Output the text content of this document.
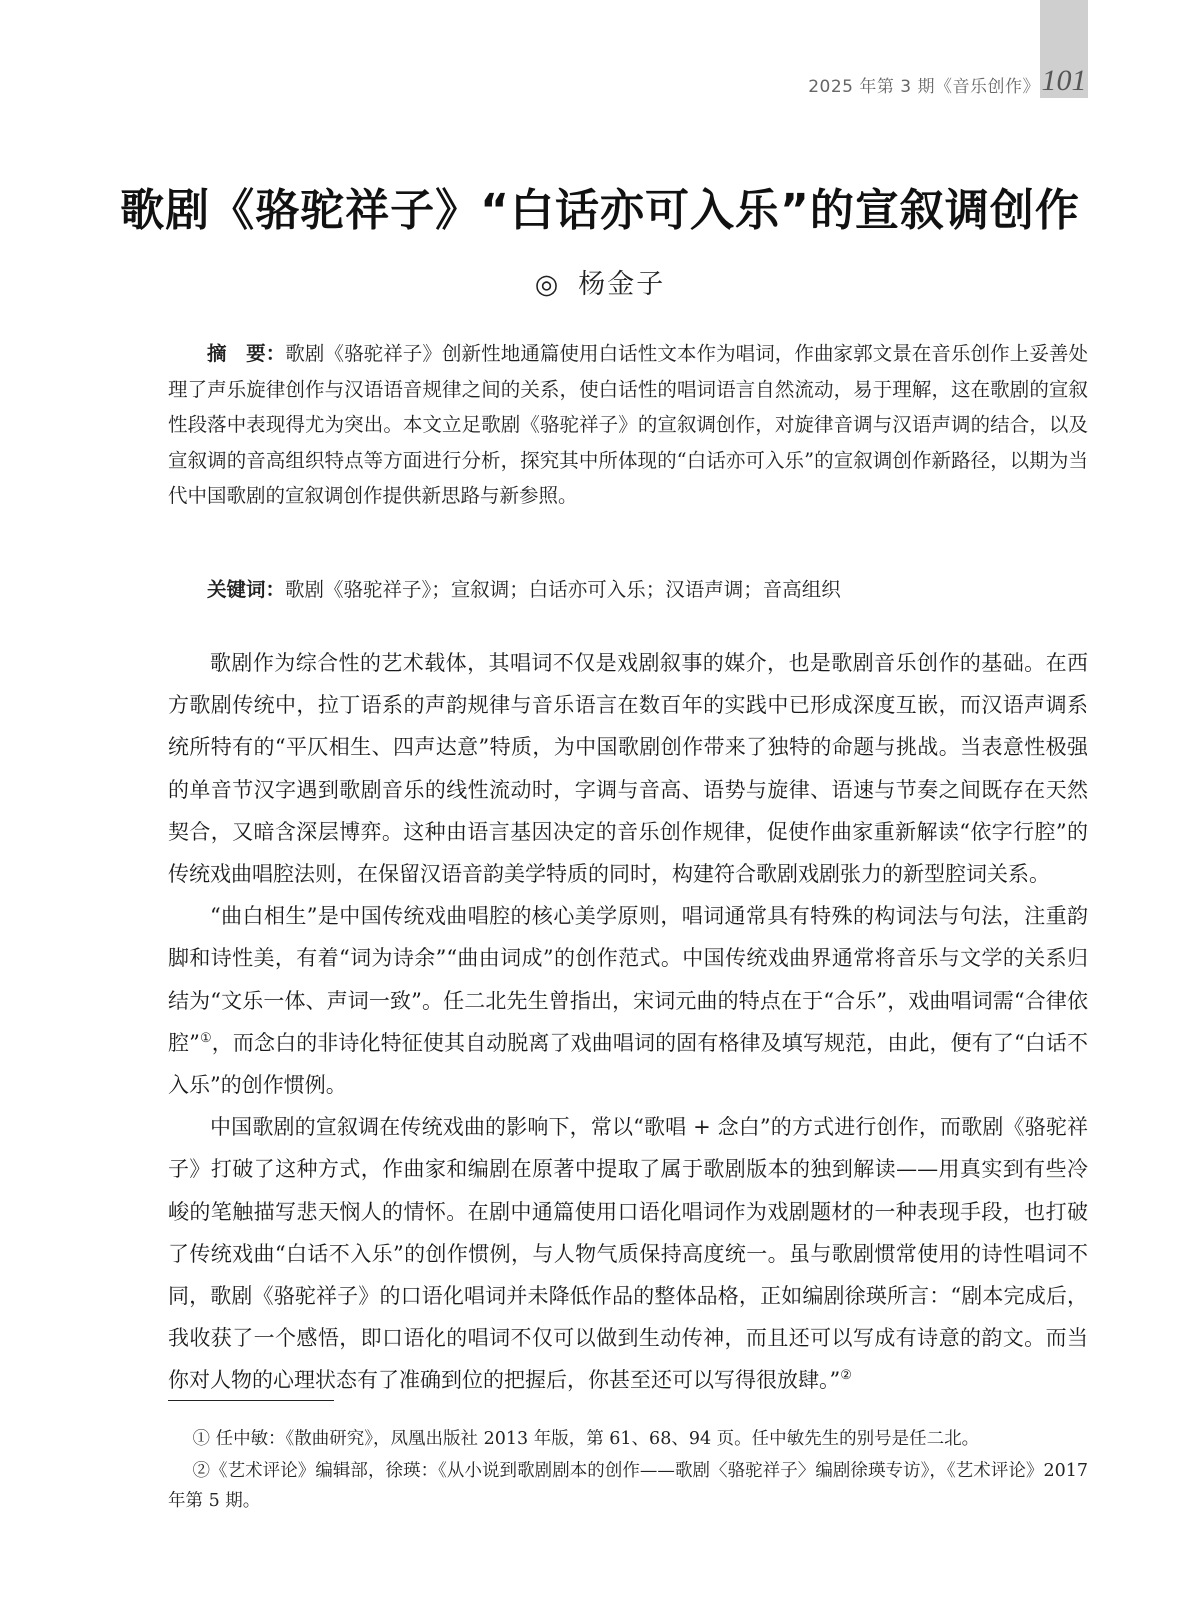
2025 年第 3 期《音乐创作》 101
歌剧《骆驼祥子》“白话亦可入乐”的宣叙调创作
◎ 杨金子
摘　要：歌剧《骆驼祥子》创新性地通篇使用白话性文本作为唱词，作曲家郭文景在音乐创作上妥善处理了声乐旋律创作与汉语语音规律之间的关系，使白话性的唱词语言自然流动，易于理解，这在歌剧的宣叙性段落中表现得尤为突出。本文立足歌剧《骆驼祥子》的宣叙调创作，对旋律音调与汉语声调的结合，以及宣叙调的音高组织特点等方面进行分析，探究其中所体现的“白话亦可入乐”的宣叙调创作新路径，以期为当代中国歌剧的宣叙调创作提供新思路与新参照。
关键词：歌剧《骆驼祥子》；宣叙调；白话亦可入乐；汉语声调；音高组织

歌剧作为综合性的艺术载体，其唱词不仅是戏剧叙事的媒介，也是歌剧音乐创作的基础。在西方歌剧传统中，拉丁语系的声韵规律与音乐语言在数百年的实践中已形成深度互嵌，而汉语声调系统所特有的“平仄相生、四声达意”特质，为中国歌剧创作带来了独特的命题与挑战。当表意性极强的单音节汉字遇到歌剧音乐的线性流动时，字调与音高、语势与旋律、语速与节奏之间既存在天然契合，又暗含深层博弈。这种由语言基因决定的音乐创作规律，促使作曲家重新解读“依字行腔”的传统戏曲唱腔法则，在保留汉语音韵美学特质的同时，构建符合歌剧戏剧张力的新型腔词关系。

“曲白相生”是中国传统戏曲唱腔的核心美学原则，唱词通常具有特殊的构词法与句法，注重韵脚和诗性美，有着“词为诗余”“曲由词成”的创作范式。中国传统戏曲界通常将音乐与文学的关系归结为“文乐一体、声词一致”。任二北先生曾指出，宋词元曲的特点在于“合乐”，戏曲唱词需“合律依腔”①，而念白的非诗化特征使其自动脱离了戏曲唱词的固有格律及填写规范，由此，便有了“白话不入乐”的创作惯例。

中国歌剧的宣叙调在传统戏曲的影响下，常以“歌唱 + 念白”的方式进行创作，而歌剧《骆驼祥子》打破了这种方式，作曲家和编剧在原著中提取了属于歌剧版本的独到解读——用真实到有些冷峻的笔触描写悲天悯人的情怀。在剧中通篇使用口语化唱词作为戏剧题材的一种表现手段，也打破了传统戏曲“白话不入乐”的创作惯例，与人物气质保持高度统一。虽与歌剧惯常使用的诗性唱词不同，歌剧《骆驼祥子》的口语化唱词并未降低作品的整体品格，正如编剧徐瑛所言：“剧本完成后，我收获了一个感悟，即口语化的唱词不仅可以做到生动传神，而且还可以写成有诗意的韵文。而当你对人物的心理状态有了准确到位的把握后，你甚至还可以写得很放肆。”②

① 任中敏：《散曲研究》，凤凰出版社 2013 年版，第 61、68、94 页。任中敏先生的别号是任二北。

②《艺术评论》编辑部，徐瑛：《从小说到歌剧剧本的创作——歌剧〈骆驼祥子〉编剧徐瑛专访》，《艺术评论》2017 年第 5 期。
